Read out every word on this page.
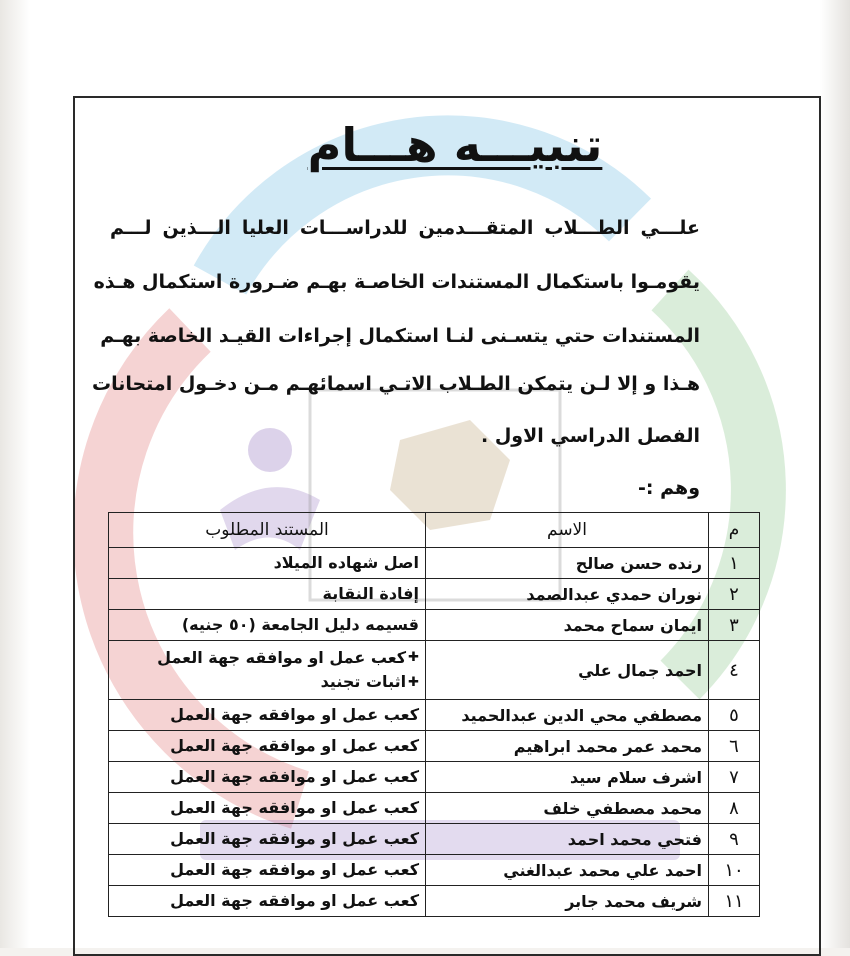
تنبيـــه هـــام
علـــي الطـــلاب المتقـــدمين للدراســـات العليا الـــذين لـــم
يقومـوا باستكمال المستندات الخاصـة بهـم ضـرورة استكمال هـذه
المستندات حتي يتسـنى لنـا استكمال إجراءات القيـد الخاصة بهـم
هـذا و إلا لـن يتمكن الطـلاب الاتـي اسمائهـم مـن دخـول امتحانات
الفصل الدراسي الاول .
وهم :-
م	الاسم	المستند المطلوب
١	رنده حسن صالح	اصل شهاده الميلاد

٢	نوران حمدي عبدالصمد	إفادة النقابة

٣	ايمان سماح محمد	قسيمه دليل الجامعة (٥٠ جنيه)

٤	احمد جمال علي	✚كعب عمل او موافقه جهة العمل
✚اثبات تجنيد

٥	مصطفي محي الدين عبدالحميد	كعب عمل او موافقه جهة العمل

٦	محمد عمر محمد ابراهيم	كعب عمل او موافقه جهة العمل

٧	اشرف سلام سيد	كعب عمل او موافقه جهة العمل

٨	محمد مصطفي خلف	كعب عمل او موافقه جهة العمل

٩	فتحي محمد احمد	كعب عمل او موافقه جهة العمل

١٠	احمد علي محمد عبدالغني	كعب عمل او موافقه جهة العمل

١١	شريف محمد جابر	كعب عمل او موافقه جهة العمل
